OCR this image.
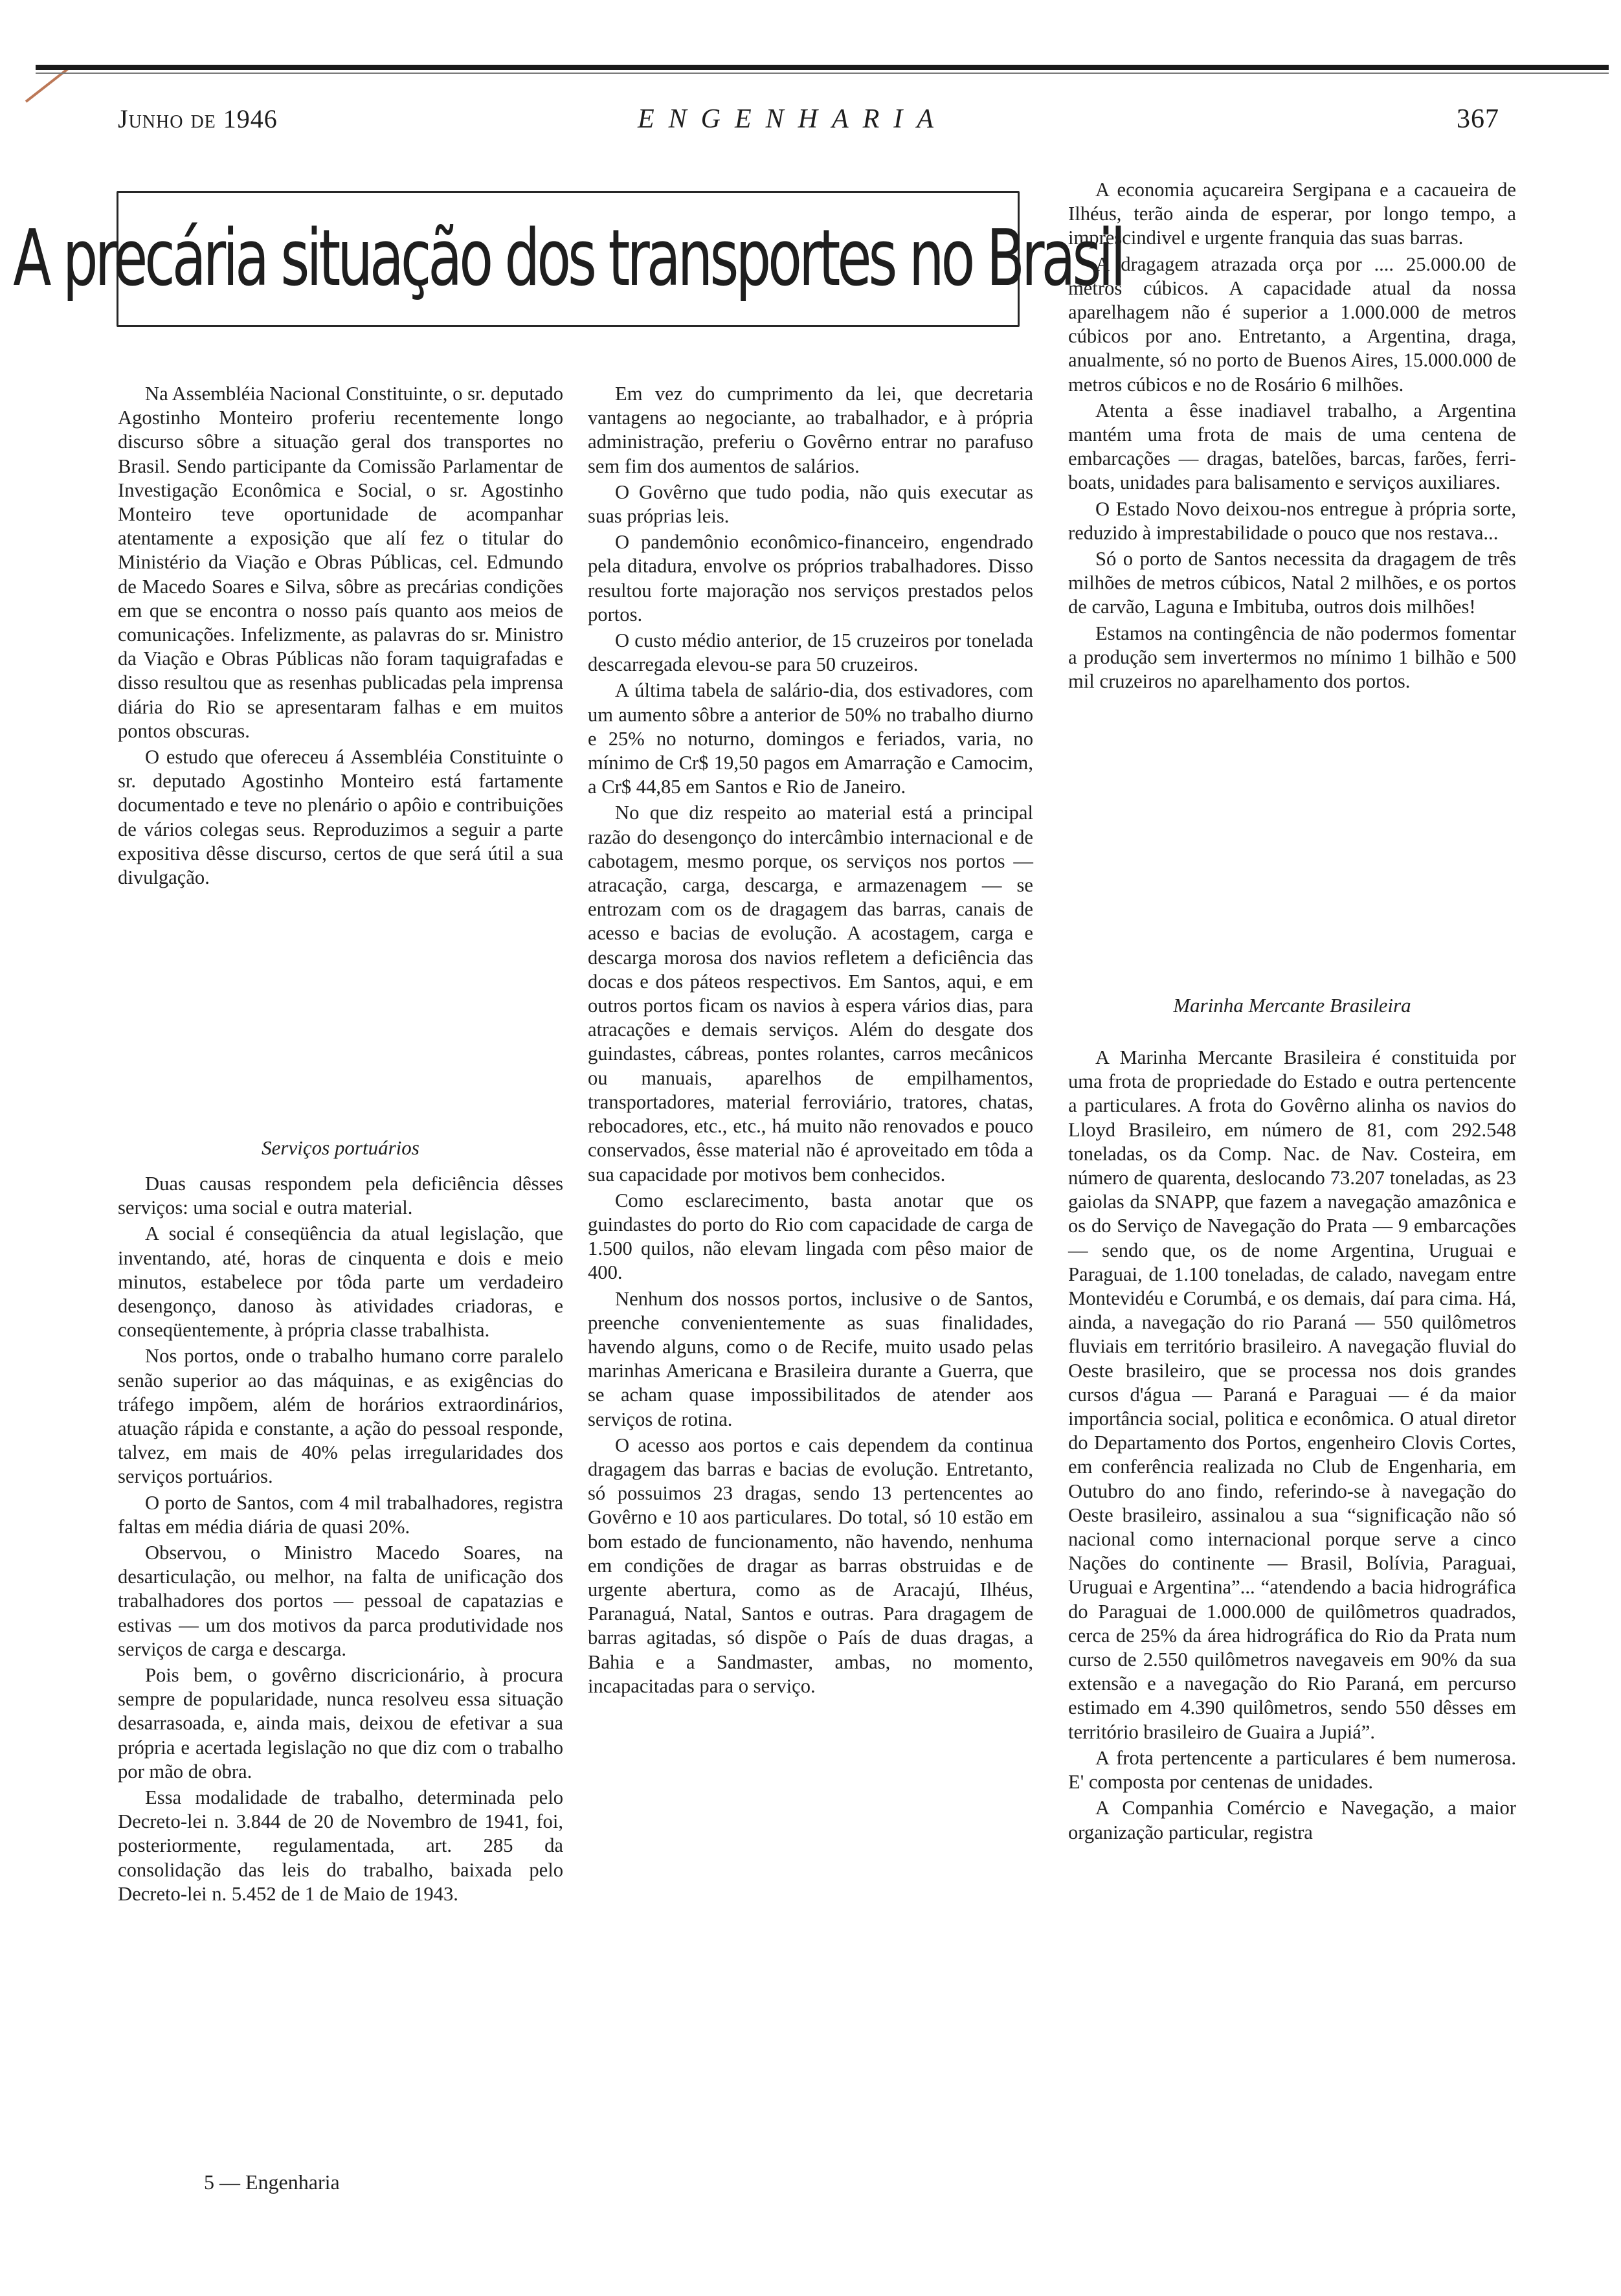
Junho de 1946	ENGENHARIA	367
A precária situação dos transportes no Brasil

Na Assembléia Nacional Constituinte, o sr. deputado Agostinho Monteiro proferiu recentemente longo discurso sôbre a situação geral dos transportes no Brasil. Sendo participante da Comissão Parlamentar de Investigação Econômica e Social, o sr. Agostinho Monteiro teve oportunidade de acompanhar atentamente a exposição que alí fez o titular do Ministério da Viação e Obras Públicas, cel. Edmundo de Macedo Soares e Silva, sôbre as precárias condições em que se encontra o nosso país quanto aos meios de comunicações. Infelizmente, as palavras do sr. Ministro da Viação e Obras Públicas não foram taquigrafadas e disso resultou que as resenhas publicadas pela imprensa diária do Rio se apresentaram falhas e em muitos pontos obscuras.

O estudo que ofereceu á Assembléia Constituinte o sr. deputado Agostinho Monteiro está fartamente documentado e teve no plenário o apôio e contribuições de vários colegas seus. Reproduzimos a seguir a parte expositiva dêsse discurso, certos de que será útil a sua divulgação.

Serviços portuários

Duas causas respondem pela deficiência dêsses serviços: uma social e outra material.

A social é conseqüência da atual legislação, que inventando, até, horas de cinquenta e dois e meio minutos, estabelece por tôda parte um verdadeiro desengonço, danoso às atividades criadoras, e conseqüentemente, à própria classe trabalhista.

Nos portos, onde o trabalho humano corre paralelo senão superior ao das máquinas, e as exigências do tráfego impõem, além de horários extraordinários, atuação rápida e constante, a ação do pessoal responde, talvez, em mais de 40% pelas irregularidades dos serviços portuários.

O porto de Santos, com 4 mil trabalhadores, registra faltas em média diária de quasi 20%.

Observou, o Ministro Macedo Soares, na desarticulação, ou melhor, na falta de unificação dos trabalhadores dos portos — pessoal de capatazias e estivas — um dos motivos da parca produtividade nos serviços de carga e descarga.

Pois bem, o govêrno discricionário, à procura sempre de popularidade, nunca resolveu essa situação desarrasoada, e, ainda mais, deixou de efetivar a sua própria e acertada legislação no que diz com o trabalho por mão de obra.

Essa modalidade de trabalho, determinada pelo Decreto-lei n. 3.844 de 20 de Novembro de 1941, foi, posteriormente, regulamentada, art. 285 da consolidação das leis do trabalho, baixada pelo Decreto-lei n. 5.452 de 1 de Maio de 1943.

Em vez do cumprimento da lei, que decretaria vantagens ao negociante, ao trabalhador, e à própria administração, preferiu o Govêrno entrar no parafuso sem fim dos aumentos de salários.

O Govêrno que tudo podia, não quis executar as suas próprias leis.

O pandemônio econômico-financeiro, engendrado pela ditadura, envolve os próprios trabalhadores. Disso resultou forte majoração nos serviços prestados pelos portos.

O custo médio anterior, de 15 cruzeiros por tonelada descarregada elevou-se para 50 cruzeiros.

A última tabela de salário-dia, dos estivadores, com um aumento sôbre a anterior de 50% no trabalho diurno e 25% no noturno, domingos e feriados, varia, no mínimo de Cr$ 19,50 pagos em Amarração e Camocim, a Cr$ 44,85 em Santos e Rio de Janeiro.

No que diz respeito ao material está a principal razão do desengonço do intercâmbio internacional e de cabotagem, mesmo porque, os serviços nos portos — atracação, carga, descarga, e armazenagem — se entrozam com os de dragagem das barras, canais de acesso e bacias de evolução. A acostagem, carga e descarga morosa dos navios refletem a deficiência das docas e dos páteos respectivos. Em Santos, aqui, e em outros portos ficam os navios à espera vários dias, para atracações e demais serviços. Além do desgate dos guindastes, cábreas, pontes rolantes, carros mecânicos ou manuais, aparelhos de empilhamentos, transportadores, material ferroviário, tratores, chatas, rebocadores, etc., etc., há muito não renovados e pouco conservados, êsse material não é aproveitado em tôda a sua capacidade por motivos bem conhecidos.

Como esclarecimento, basta anotar que os guindastes do porto do Rio com capacidade de carga de 1.500 quilos, não elevam lingada com pêso maior de 400.

Nenhum dos nossos portos, inclusive o de Santos, preenche convenientemente as suas finalidades, havendo alguns, como o de Recife, muito usado pelas marinhas Americana e Brasileira durante a Guerra, que se acham quase impossibilitados de atender aos serviços de rotina.

O acesso aos portos e cais dependem da continua dragagem das barras e bacias de evolução. Entretanto, só possuimos 23 dragas, sendo 13 pertencentes ao Govêrno e 10 aos particulares. Do total, só 10 estão em bom estado de funcionamento, não havendo, nenhuma em condições de dragar as barras obstruidas e de urgente abertura, como as de Aracajú, Ilhéus, Paranaguá, Natal, Santos e outras. Para dragagem de barras agitadas, só dispõe o País de duas dragas, a Bahia e a Sandmaster, ambas, no momento, incapacitadas para o serviço.

A economia açucareira Sergipana e a cacaueira de Ilhéus, terão ainda de esperar, por longo tempo, a imprescindivel e urgente franquia das suas barras.

A dragagem atrazada orça por .... 25.000.00 de metros cúbicos. A capacidade atual da nossa aparelhagem não é superior a 1.000.000 de metros cúbicos por ano. Entretanto, a Argentina, draga, anualmente, só no porto de Buenos Aires, 15.000.000 de metros cúbicos e no de Rosário 6 milhões.

Atenta a êsse inadiavel trabalho, a Argentina mantém uma frota de mais de uma centena de embarcações — dragas, batelões, barcas, farões, ferri-boats, unidades para balisamento e serviços auxiliares.

O Estado Novo deixou-nos entregue à própria sorte, reduzido à imprestabilidade o pouco que nos restava...

Só o porto de Santos necessita da dragagem de três milhões de metros cúbicos, Natal 2 milhões, e os portos de carvão, Laguna e Imbituba, outros dois milhões!

Estamos na contingência de não podermos fomentar a produção sem invertermos no mínimo 1 bilhão e 500 mil cruzeiros no aparelhamento dos portos.

Marinha Mercante Brasileira

A Marinha Mercante Brasileira é constituida por uma frota de propriedade do Estado e outra pertencente a particulares. A frota do Govêrno alinha os navios do Lloyd Brasileiro, em número de 81, com 292.548 toneladas, os da Comp. Nac. de Nav. Costeira, em número de quarenta, deslocando 73.207 toneladas, as 23 gaiolas da SNAPP, que fazem a navegação amazônica e os do Serviço de Navegação do Prata — 9 embarcações — sendo que, os de nome Argentina, Uruguai e Paraguai, de 1.100 toneladas, de calado, navegam entre Montevidéu e Corumbá, e os demais, daí para cima. Há, ainda, a navegação do rio Paraná — 550 quilômetros fluviais em território brasileiro. A navegação fluvial do Oeste brasileiro, que se processa nos dois grandes cursos d'água — Paraná e Paraguai — é da maior importância social, politica e econômica. O atual diretor do Departamento dos Portos, engenheiro Clovis Cortes, em conferência realizada no Club de Engenharia, em Outubro do ano findo, referindo-se à navegação do Oeste brasileiro, assinalou a sua “significação não só nacional como internacional porque serve a cinco Nações do continente — Brasil, Bolívia, Paraguai, Uruguai e Argentina”... “atendendo a bacia hidrográfica do Paraguai de 1.000.000 de quilômetros quadrados, cerca de 25% da área hidrográfica do Rio da Prata num curso de 2.550 quilômetros navegaveis em 90% da sua extensão e a navegação do Rio Paraná, em percurso estimado em 4.390 quilômetros, sendo 550 dêsses em território brasileiro de Guaira a Jupiá”.

A frota pertencente a particulares é bem numerosa. E' composta por centenas de unidades.

A Companhia Comércio e Navegação, a maior organização particular, registra

5 — Engenharia
